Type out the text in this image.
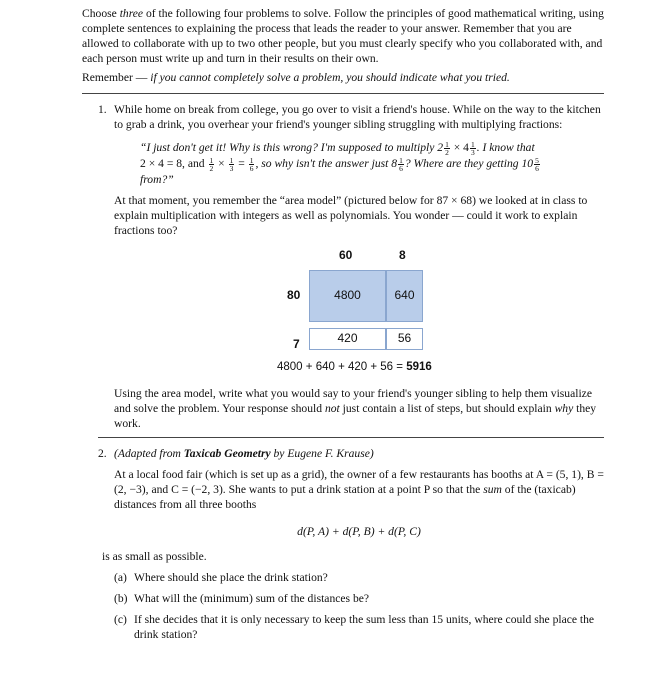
Choose three of the following four problems to solve. Follow the principles of good mathematical writing, using complete sentences to explaining the process that leads the reader to your answer. Remember that you are allowed to collaborate with up to two other people, but you must clearly specify who you collaborated with, and each person must write up and turn in their results on their own.

Remember — if you cannot completely solve a problem, you should indicate what you tried.

1. While home on break from college, you go over to visit a friend's house. While on the way to the kitchen to grab a drink, you overhear your friend's younger sibling struggling with multiplying fractions:

“I just don't get it! Why is this wrong? I'm supposed to multiply $2 \frac{1}{2} \times 4 \frac{1}{3}$ . I know that
2 × 4 = 8, and $\frac{1}{2} \times \frac{1}{3} = \frac{1}{6}$ , so why isn't the answer just $8 \frac{1}{6}$ ? Where are they getting $10 \frac{5}{6}$

from?”

At that moment, you remember the “area model” (pictured below for 87 × 68) we looked at in class to explain multiplication with integers as well as polynomials. You wonder — could it work to explain fractions too?

60	8
80
7
4800	640
420	56
4800 + 640 + 420 + 56 = 5916

Using the area model, write what you would say to your friend's younger sibling to help them visualize and solve the problem. Your response should not just contain a list of steps, but should explain why they work.

2. (Adapted from Taxicab Geometry by Eugene F. Krause)

At a local food fair (which is set up as a grid), the owner of a few restaurants has booths at A = (5, 1), B = (2, −3), and C = (−2, 3). She wants to put a drink station at a point P so that the sum of the (taxicab) distances from all three booths

d(P, A) + d(P, B) + d(P, C)

is as small as possible.

(a) Where should she place the drink station?
(b) What will the (minimum) sum of the distances be?
(c) If she decides that it is only necessary to keep the sum less than 15 units, where could she place the drink station?
